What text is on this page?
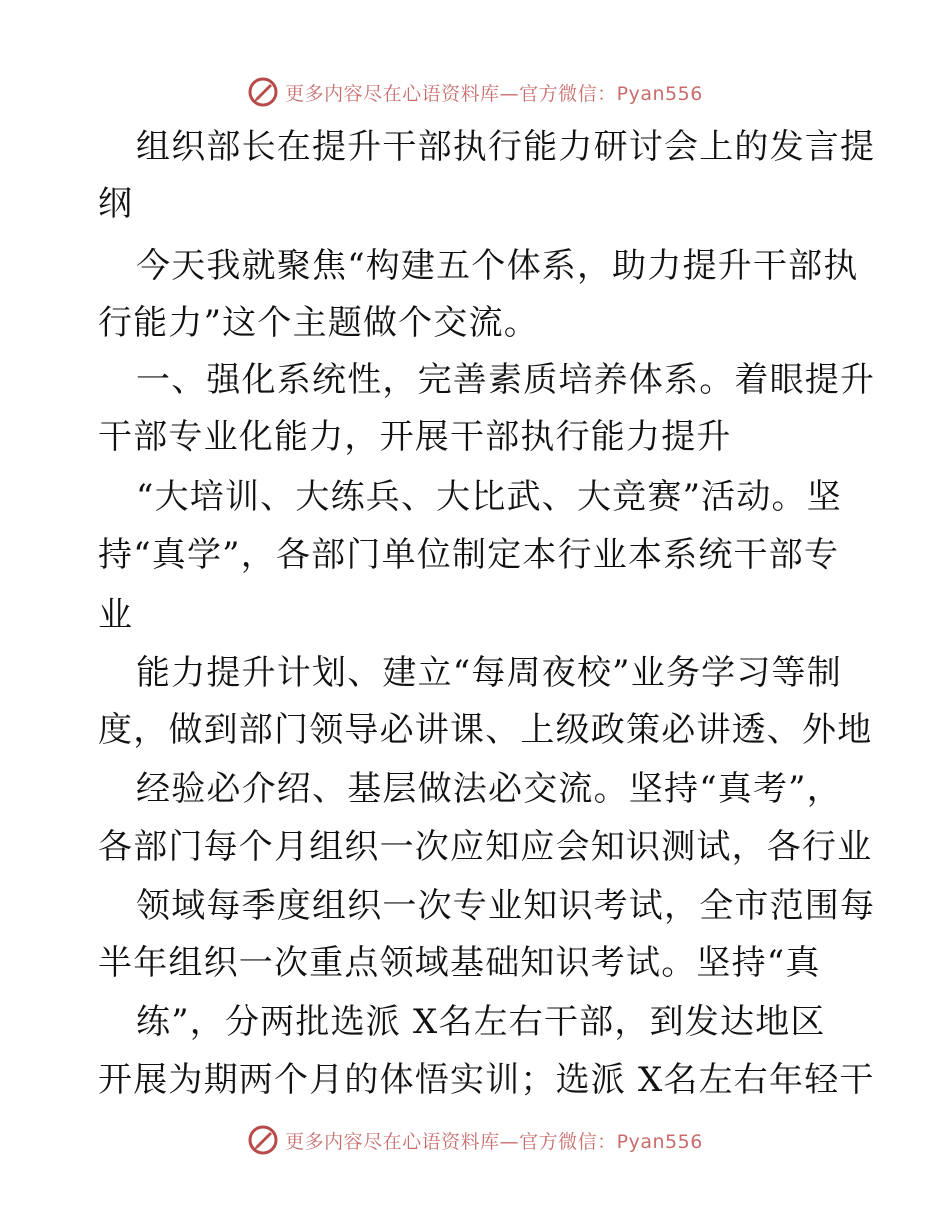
更多内容尽在心语资料库—官方微信：Pyan556
组织部长在提升干部执行能力研讨会上的发言提
纲
今天我就聚焦“构建五个体系，助力提升干部执
行能力”这个主题做个交流。
一、强化系统性，完善素质培养体系。着眼提升
干部专业化能力，开展干部执行能力提升
“大培训、大练兵、大比武、大竞赛”活动。坚
持“真学”，各部门单位制定本行业本系统干部专
业
能力提升计划、建立“每周夜校”业务学习等制
度，做到部门领导必讲课、上级政策必讲透、外地
经验必介绍、基层做法必交流。坚持“真考”，
各部门每个月组织一次应知应会知识测试，各行业
领域每季度组织一次专业知识考试，全市范围每
半年组织一次重点领域基础知识考试。坚持“真
练”，分两批选派 X名左右干部，到发达地区
开展为期两个月的体悟实训；选派 X名左右年轻干
更多内容尽在心语资料库—官方微信：Pyan556
